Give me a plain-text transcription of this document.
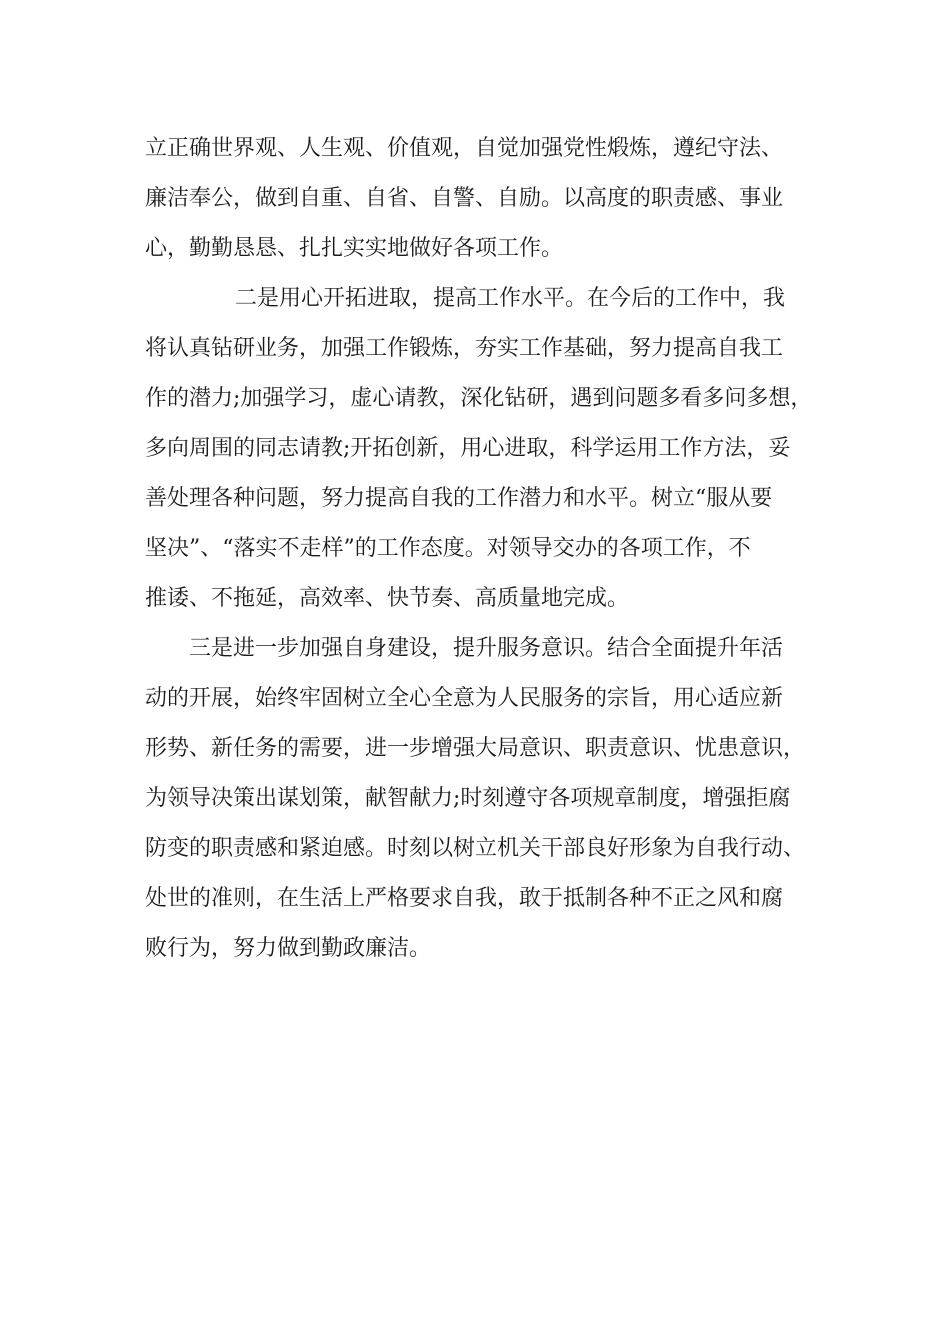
立正确世界观、人生观、价值观，自觉加强党性煅炼，遵纪守法、
廉洁奉公，做到自重、自省、自警、自励。以高度的职责感、事业
心，勤勤恳恳、扎扎实实地做好各项工作。
二是用心开拓进取，提高工作水平。在今后的工作中，我
将认真钻研业务，加强工作锻炼，夯实工作基础，努力提高自我工
作的潜力;加强学习，虚心请教，深化钻研，遇到问题多看多问多想，
多向周围的同志请教;开拓创新，用心进取，科学运用工作方法，妥
善处理各种问题，努力提高自我的工作潜力和水平。树立“服从要
坚决”、“落实不走样”的工作态度。对领导交办的各项工作，不
推诿、不拖延，高效率、快节奏、高质量地完成。
三是进一步加强自身建设，提升服务意识。结合全面提升年活
动的开展，始终牢固树立全心全意为人民服务的宗旨，用心适应新
形势、新任务的需要，进一步增强大局意识、职责意识、忧患意识，
为领导决策出谋划策，献智献力;时刻遵守各项规章制度，增强拒腐
防变的职责感和紧迫感。时刻以树立机关干部良好形象为自我行动、
处世的准则，在生活上严格要求自我，敢于抵制各种不正之风和腐
败行为，努力做到勤政廉洁。
